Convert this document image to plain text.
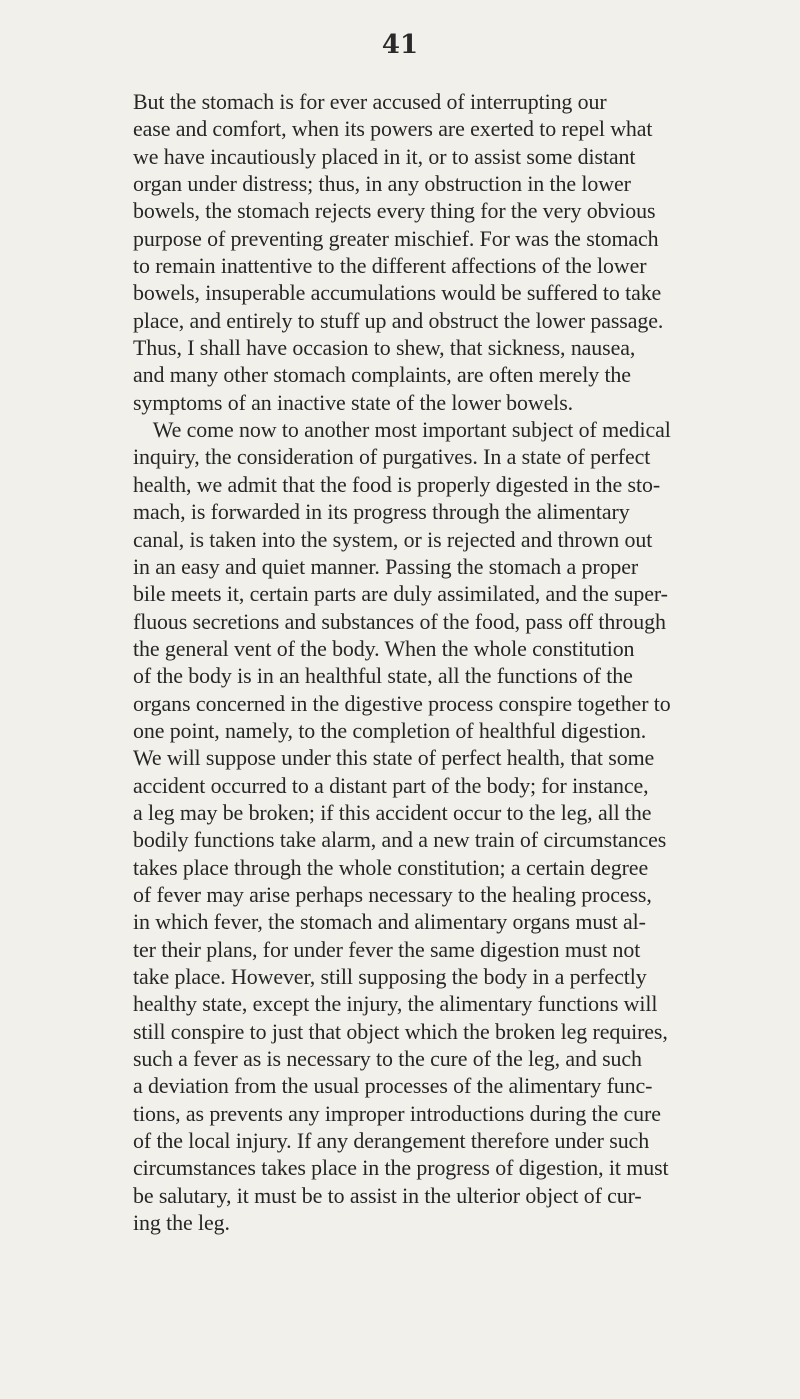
41
But the stomach is for ever accused of interrupting our
ease and comfort, when its powers are exerted to repel what
we have incautiously placed in it, or to assist some distant
organ under distress; thus, in any obstruction in the lower
bowels, the stomach rejects every thing for the very obvious
purpose of preventing greater mischief. For was the stomach
to remain inattentive to the different affections of the lower
bowels, insuperable accumulations would be suffered to take
place, and entirely to stuff up and obstruct the lower passage.
Thus, I shall have occasion to shew, that sickness, nausea,
and many other stomach complaints, are often merely the
symptoms of an inactive state of the lower bowels.
We come now to another most important subject of medical
inquiry, the consideration of purgatives. In a state of perfect
health, we admit that the food is properly digested in the sto-
mach, is forwarded in its progress through the alimentary
canal, is taken into the system, or is rejected and thrown out
in an easy and quiet manner. Passing the stomach a proper
bile meets it, certain parts are duly assimilated, and the super-
fluous secretions and substances of the food, pass off through
the general vent of the body. When the whole constitution
of the body is in an healthful state, all the functions of the
organs concerned in the digestive process conspire together to
one point, namely, to the completion of healthful digestion.
We will suppose under this state of perfect health, that some
accident occurred to a distant part of the body; for instance,
a leg may be broken; if this accident occur to the leg, all the
bodily functions take alarm, and a new train of circumstances
takes place through the whole constitution; a certain degree
of fever may arise perhaps necessary to the healing process,
in which fever, the stomach and alimentary organs must al-
ter their plans, for under fever the same digestion must not
take place. However, still supposing the body in a perfectly
healthy state, except the injury, the alimentary functions will
still conspire to just that object which the broken leg requires,
such a fever as is necessary to the cure of the leg, and such
a deviation from the usual processes of the alimentary func-
tions, as prevents any improper introductions during the cure
of the local injury. If any derangement therefore under such
circumstances takes place in the progress of digestion, it must
be salutary, it must be to assist in the ulterior object of cur-
ing the leg.
